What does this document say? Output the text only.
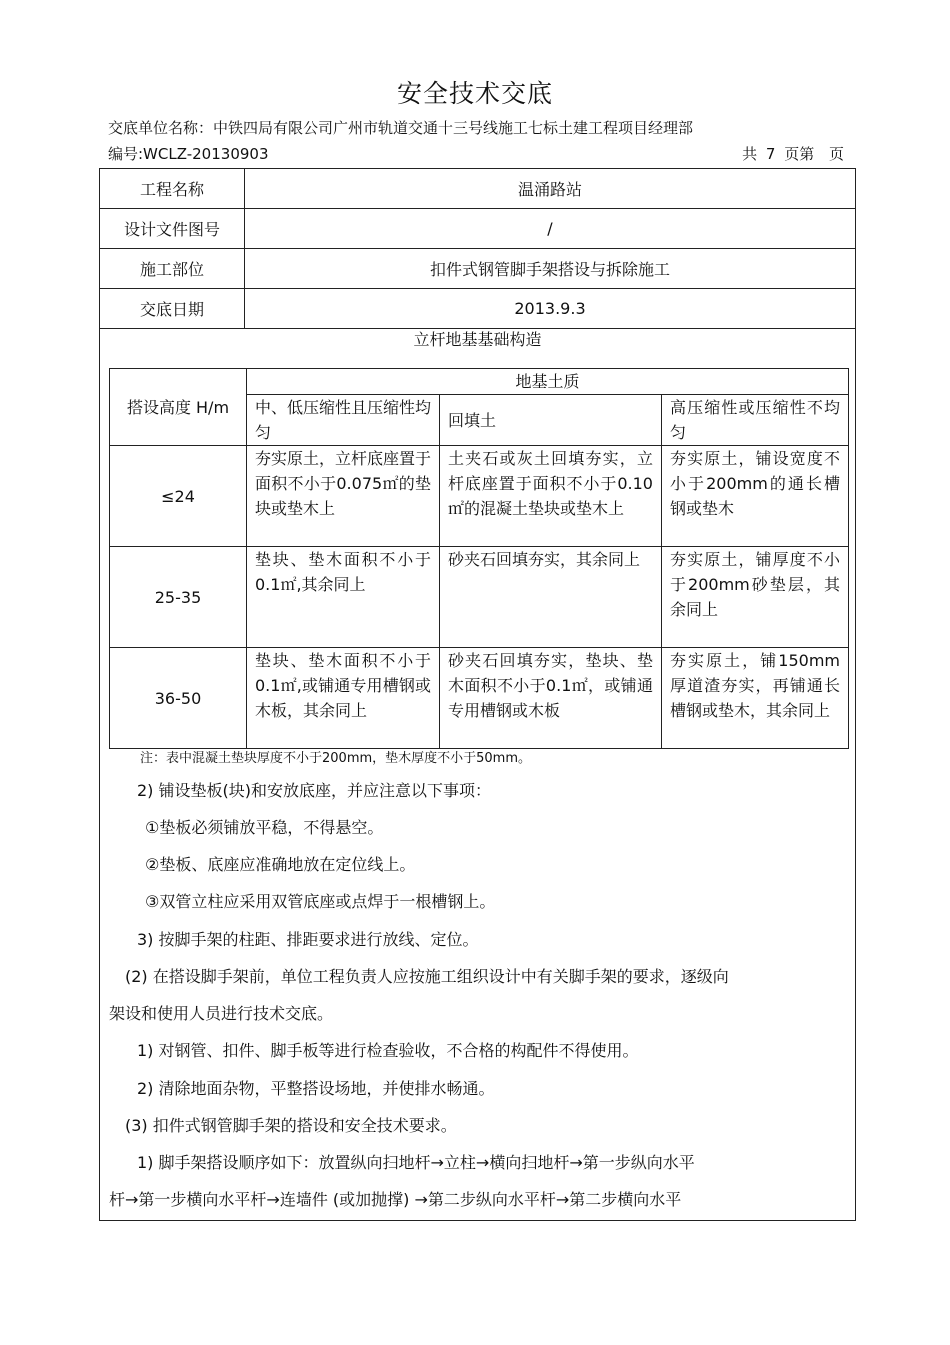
安全技术交底
交底单位名称：中铁四局有限公司广州市轨道交通十三号线施工七标土建工程项目经理部
编号:WCLZ-20130903	共 7 页第 页
工程名称	温涌路站
设计文件图号	/
施工部位	扣件式钢管脚手架搭设与拆除施工
交底日期	2013.9.3
立杆地基基础构造
搭设高度 H/m	地基土质		
	中、低压缩性且压缩性均匀	回填土	高压缩性或压缩性不均匀
≤24	夯实原土，立杆底座置于面积不小于0.075㎡的垫块或垫木上	土夹石或灰土回填夯实，立杆底座置于面积不小于0.10㎡的混凝土垫块或垫木上	夯实原土，铺设宽度不小于200mm的通长槽钢或垫木
25-35	垫块、垫木面积不小于0.1㎡,其余同上	砂夹石回填夯实，其余同上	夯实原土，铺厚度不小于200mm砂垫层，其余同上
36-50	垫块、垫木面积不小于0.1㎡,或铺通专用槽钢或木板，其余同上	砂夹石回填夯实，垫块、垫木面积不小于0.1㎡，或铺通专用槽钢或木板	夯实原土，铺150mm厚道渣夯实，再铺通长槽钢或垫木，其余同上
注：表中混凝土垫块厚度不小于200mm，垫木厚度不小于50mm。
2) 铺设垫板(块)和安放底座，并应注意以下事项：
①垫板必须铺放平稳，不得悬空。
②垫板、底座应准确地放在定位线上。
③双管立柱应采用双管底座或点焊于一根槽钢上。
3) 按脚手架的柱距、排距要求进行放线、定位。
(2) 在搭设脚手架前，单位工程负责人应按施工组织设计中有关脚手架的要求，逐级向
架设和使用人员进行技术交底。
1) 对钢管、扣件、脚手板等进行检查验收，不合格的构配件不得使用。
2) 清除地面杂物，平整搭设场地，并使排水畅通。
(3) 扣件式钢管脚手架的搭设和安全技术要求。
1) 脚手架搭设顺序如下：放置纵向扫地杆→立柱→横向扫地杆→第一步纵向水平
杆→第一步横向水平杆→连墙件 (或加抛撑) →第二步纵向水平杆→第二步横向水平
